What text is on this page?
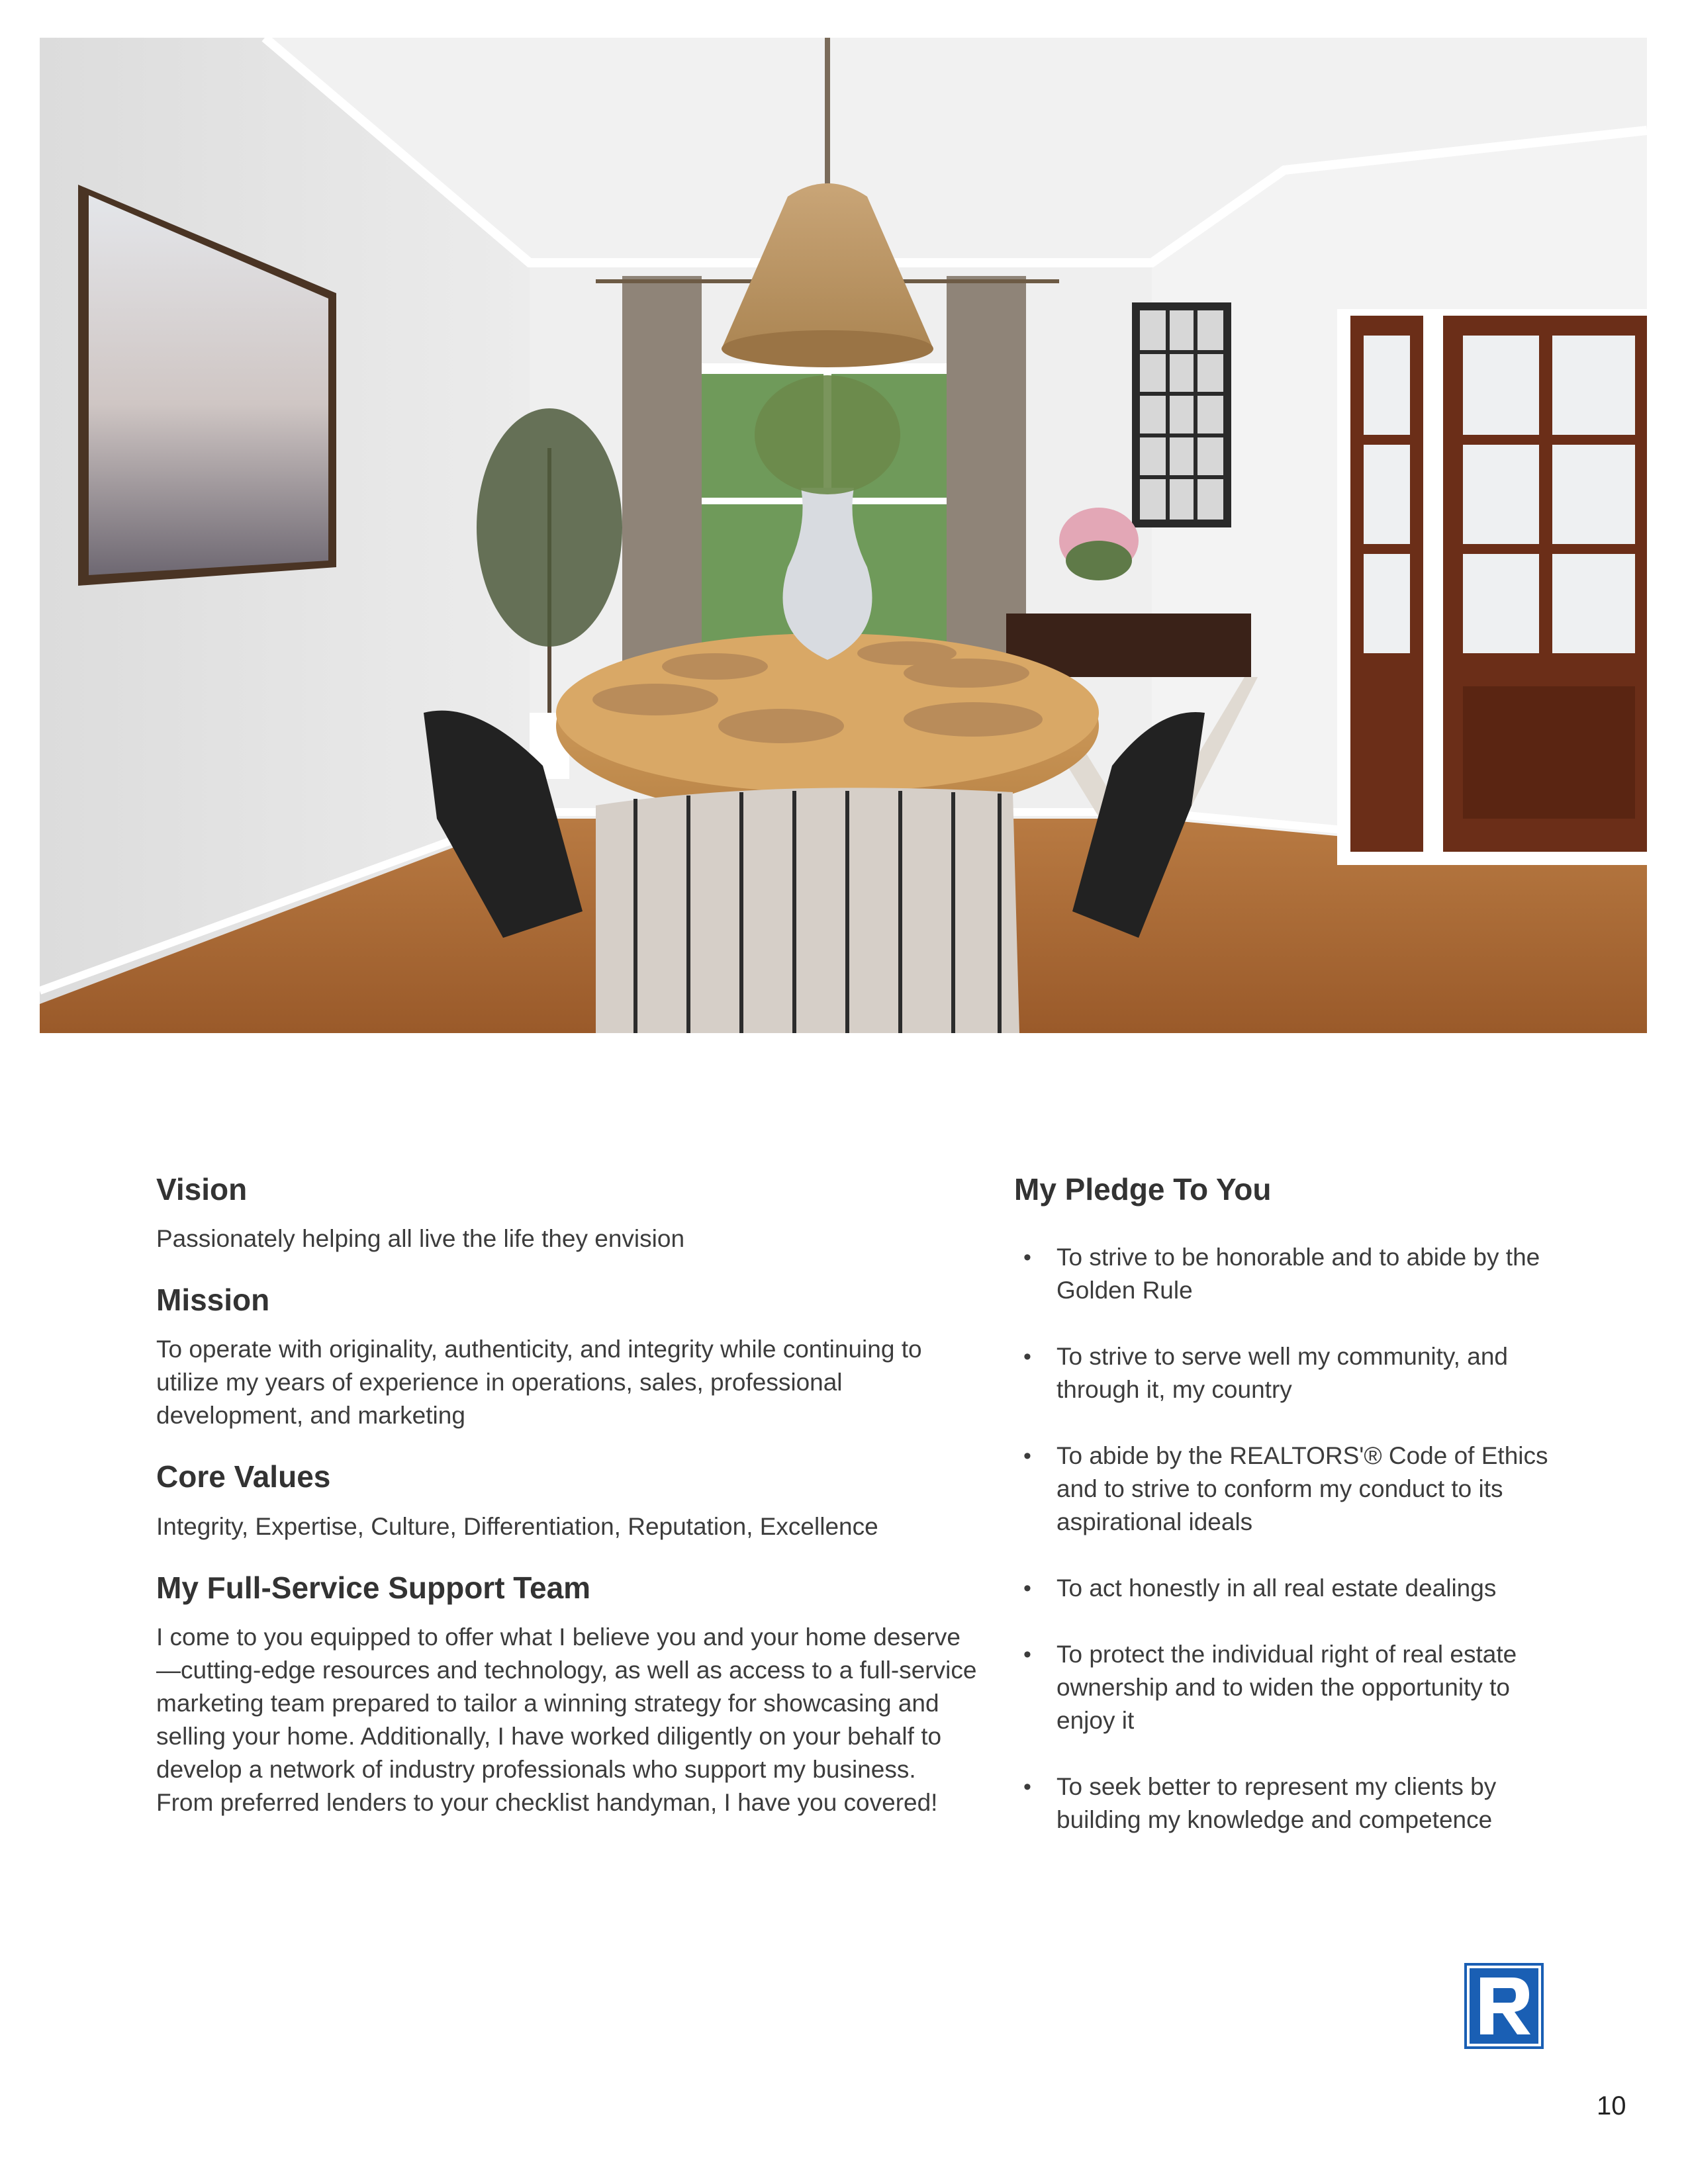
Vision

Passionately helping all live the life they envision

Mission

To operate with originality, authenticity, and integrity while continuing to utilize my years of experience in operations, sales, professional development, and marketing

Core Values

Integrity, Expertise, Culture, Differentiation, Reputation, Excellence

My Full-Service Support Team

I come to you equipped to offer what I believe you and your home deserve—cutting-edge resources and technology, as well as access to a full-service marketing team prepared to tailor a winning strategy for showcasing and selling your home. Additionally, I have worked diligently on your behalf to develop a network of industry professionals who support my business. From preferred lenders to your checklist handyman, I have you covered!

My Pledge To You
• To strive to be honorable and to abide by the Golden Rule
• To strive to serve well my community, and through it, my country
• To abide by the REALTORS'® Code of Ethics and to strive to conform my conduct to its aspirational ideals
• To act honestly in all real estate dealings
• To protect the individual right of real estate ownership and to widen the opportunity to enjoy it
• To seek better to represent my clients by building my knowledge and competence
10
